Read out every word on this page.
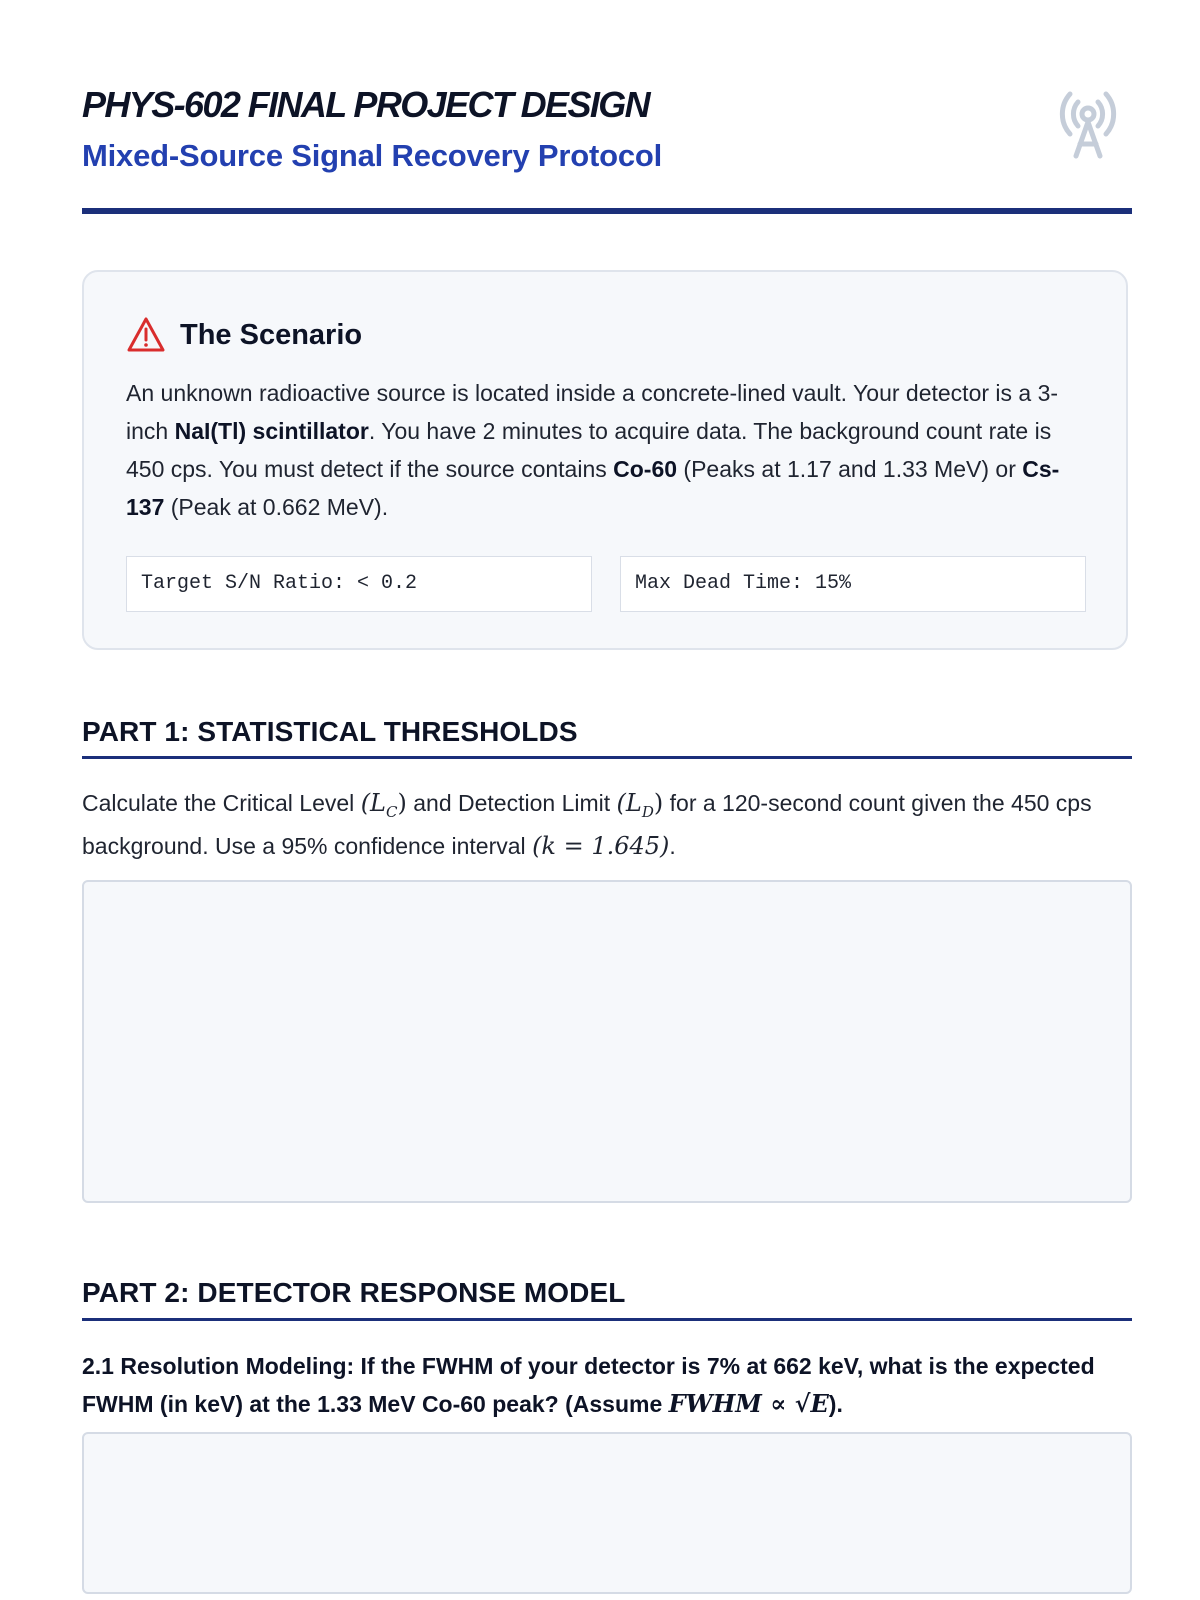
PHYS-602 FINAL PROJECT DESIGN
Mixed-Source Signal Recovery Protocol
The Scenario

An unknown radioactive source is located inside a concrete-lined vault. Your detector is a 3-inch NaI(Tl) scintillator. You have 2 minutes to acquire data. The background count rate is 450 cps. You must detect if the source contains Co-60 (Peaks at 1.17 and 1.33 MeV) or Cs-137 (Peak at 0.662 MeV).

Target S/N Ratio: < 0.2	Max Dead Time: 15%
PART 1: STATISTICAL THRESHOLDS

Calculate the Critical Level $(L_C)$ and Detection Limit $(L_D)$ for a 120-second count given the 450 cps background. Use a 95% confidence interval (k = 1.645).

PART 2: DETECTOR RESPONSE MODEL

2.1 Resolution Modeling: If the FWHM of your detector is 7% at 662 keV, what is the expected FWHM (in keV) at the 1.33 MeV Co-60 peak? (Assume FWHM ∝ √E).
